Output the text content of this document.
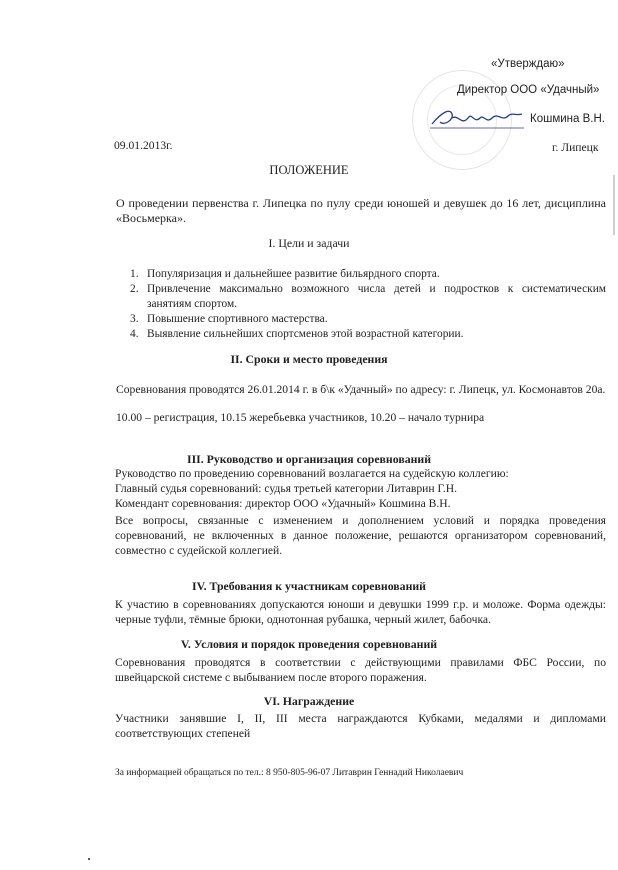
«Утверждаю»

Директор ООО «Удачный»

Кошмина В.Н.

09.01.2013г.	г. Липецк

ПОЛОЖЕНИЕ

О проведении первенства г. Липецка по пулу среди юношей и девушек до 16 лет, дисциплина «Восьмерка».

I. Цели и задачи
1. Популяризация и дальнейшее развитие бильярдного спорта.
2. Привлечение максимально возможного числа детей и подростков к систематическим занятиям спортом.
3. Повышение спортивного мастерства.
4. Выявление сильнейших спортсменов этой возрастной категории.
II. Сроки и место проведения

Соревнования проводятся 26.01.2014 г. в б\к «Удачный» по адресу: г. Липецк, ул. Космонавтов 20а.

10.00 – регистрация, 10.15 жеребьевка участников, 10.20 – начало турнира

III. Руководство и организация соревнований

Руководство по проведению соревнований возлагается на судейскую коллегию:

Главный судья соревнований: судья третьей категории Литаврин Г.Н.

Комендант соревнования: директор ООО «Удачный» Кошмина В.Н.

Все вопросы, связанные с изменением и дополнением условий и порядка проведения соревнований, не включенных в данное положение, решаются организатором соревнований, совместно с судейской коллегией.

IV. Требования к участникам соревнований

К участию в соревнованиях допускаются юноши и девушки 1999 г.р. и моложе. Форма одежды: черные туфли, тёмные брюки, однотонная рубашка, черный жилет, бабочка.

V. Условия и порядок проведения соревнований

Соревнования проводятся в соответствии с действующими правилами ФБС России, по швейцарской системе с выбыванием после второго поражения.

VI. Награждение

Участники занявшие I, II, III места награждаются Кубками, медалями и дипломами соответствующих степеней

За информацией обращаться по тел.: 8 950-805-96-07 Литаврин Геннадий Николаевич
